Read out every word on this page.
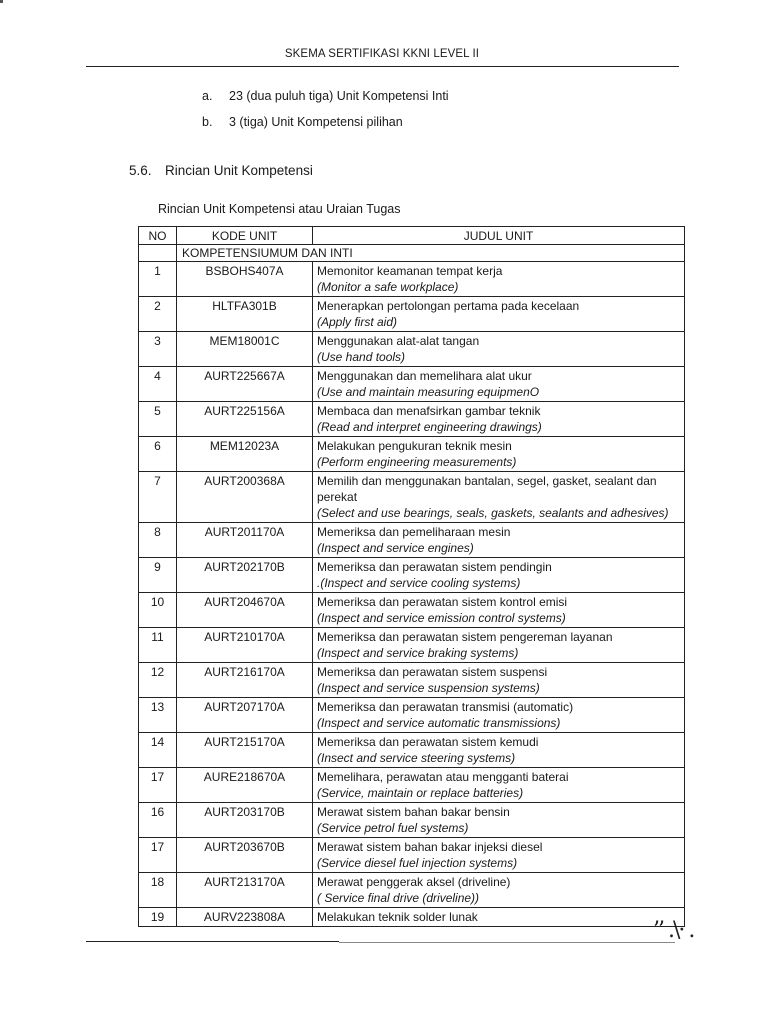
SKEMA SERTIFIKASI KKNI LEVEL II
a. 23 (dua puluh tiga) Unit Kompetensi Inti
b. 3 (tiga) Unit Kompetensi pilihan
5.6. Rincian Unit Kompetensi
Rincian Unit Kompetensi atau Uraian Tugas
NO	KODE UNIT	JUDUL UNIT
	KOMPETENSIUMUM DAN INTI	
1	BSBOHS407A	Memonitor keamanan tempat kerja
(Monitor a safe workplace)

2	HLTFA301B	Menerapkan pertolongan pertama pada kecelaan
(Apply first aid)

3	MEM18001C	Menggunakan alat-alat tangan
(Use hand tools)

4	AURT225667A	Menggunakan dan memelihara alat ukur
(Use and maintain measuring equipmenO

5	AURT225156A	Membaca dan menafsirkan gambar teknik
(Read and interpret engineering drawings)

6	MEM12023A	Melakukan pengukuran teknik mesin
(Perform engineering measurements)

7	AURT200368A	Memilih dan menggunakan bantalan, segel, gasket, sealant dan perekat
(Select and use bearings, seals, gaskets, sealants and adhesives)

8	AURT201170A	Memeriksa dan pemeliharaan mesin
(Inspect and service engines)

9	AURT202170B	Memeriksa dan perawatan sistem pendingin
.(Inspect and service cooling systems)

10	AURT204670A	Memeriksa dan perawatan sistem kontrol emisi
(Inspect and service emission control systems)

11	AURT210170A	Memeriksa dan perawatan sistem pengereman layanan
(Inspect and service braking systems)

12	AURT216170A	Memeriksa dan perawatan sistem suspensi
(Inspect and service suspension systems)

13	AURT207170A	Memeriksa dan perawatan transmisi (automatic)
(Inspect and service automatic transmissions)

14	AURT215170A	Memeriksa dan perawatan sistem kemudi
(Insect and service steering systems)

17	AURE218670A	Memelihara, perawatan atau mengganti baterai
(Service, maintain or replace batteries)

16	AURT203170B	Merawat sistem bahan bakar bensin
(Service petrol fuel systems)

17	AURT203670B	Merawat sistem bahan bakar injeksi diesel
(Service diesel fuel injection systems)

18	AURT213170A	Merawat penggerak aksel (driveline)
( Service final drive (driveline))

19	AURV223808A	Melakukan teknik solder lunak
’’ .\· .
